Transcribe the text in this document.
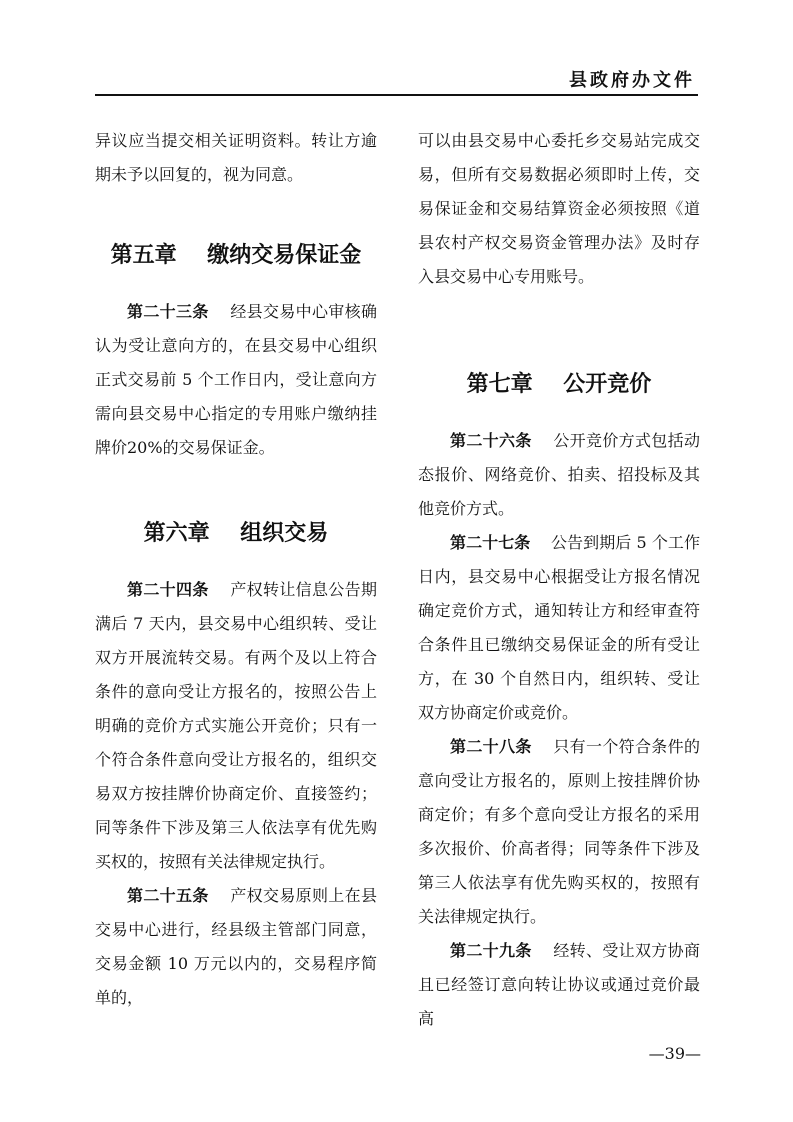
县政府办文件

异议应当提交相关证明资料。转让方逾期未予以回复的，视为同意。

第五章    缴纳交易保证金

第二十三条    经县交易中心审核确认为受让意向方的，在县交易中心组织正式交易前 5 个工作日内，受让意向方需向县交易中心指定的专用账户缴纳挂牌价20%的交易保证金。

第六章    组织交易

第二十四条    产权转让信息公告期满后 7 天内，县交易中心组织转、受让双方开展流转交易。有两个及以上符合条件的意向受让方报名的，按照公告上明确的竞价方式实施公开竞价；只有一个符合条件意向受让方报名的，组织交易双方按挂牌价协商定价、直接签约；同等条件下涉及第三人依法享有优先购买权的，按照有关法律规定执行。

第二十五条    产权交易原则上在县交易中心进行，经县级主管部门同意，交易金额 10 万元以内的，交易程序简单的，

可以由县交易中心委托乡交易站完成交易，但所有交易数据必须即时上传，交易保证金和交易结算资金必须按照《道县农村产权交易资金管理办法》及时存入县交易中心专用账号。

第七章    公开竞价

第二十六条    公开竞价方式包括动态报价、网络竞价、拍卖、招投标及其他竞价方式。

第二十七条    公告到期后 5 个工作日内，县交易中心根据受让方报名情况确定竞价方式，通知转让方和经审查符合条件且已缴纳交易保证金的所有受让方，在 30 个自然日内，组织转、受让双方协商定价或竞价。

第二十八条    只有一个符合条件的意向受让方报名的，原则上按挂牌价协商定价；有多个意向受让方报名的采用多次报价、价高者得；同等条件下涉及第三人依法享有优先购买权的，按照有关法律规定执行。

第二十九条    经转、受让双方协商且已经签订意向转让协议或通过竞价最高

—39—
